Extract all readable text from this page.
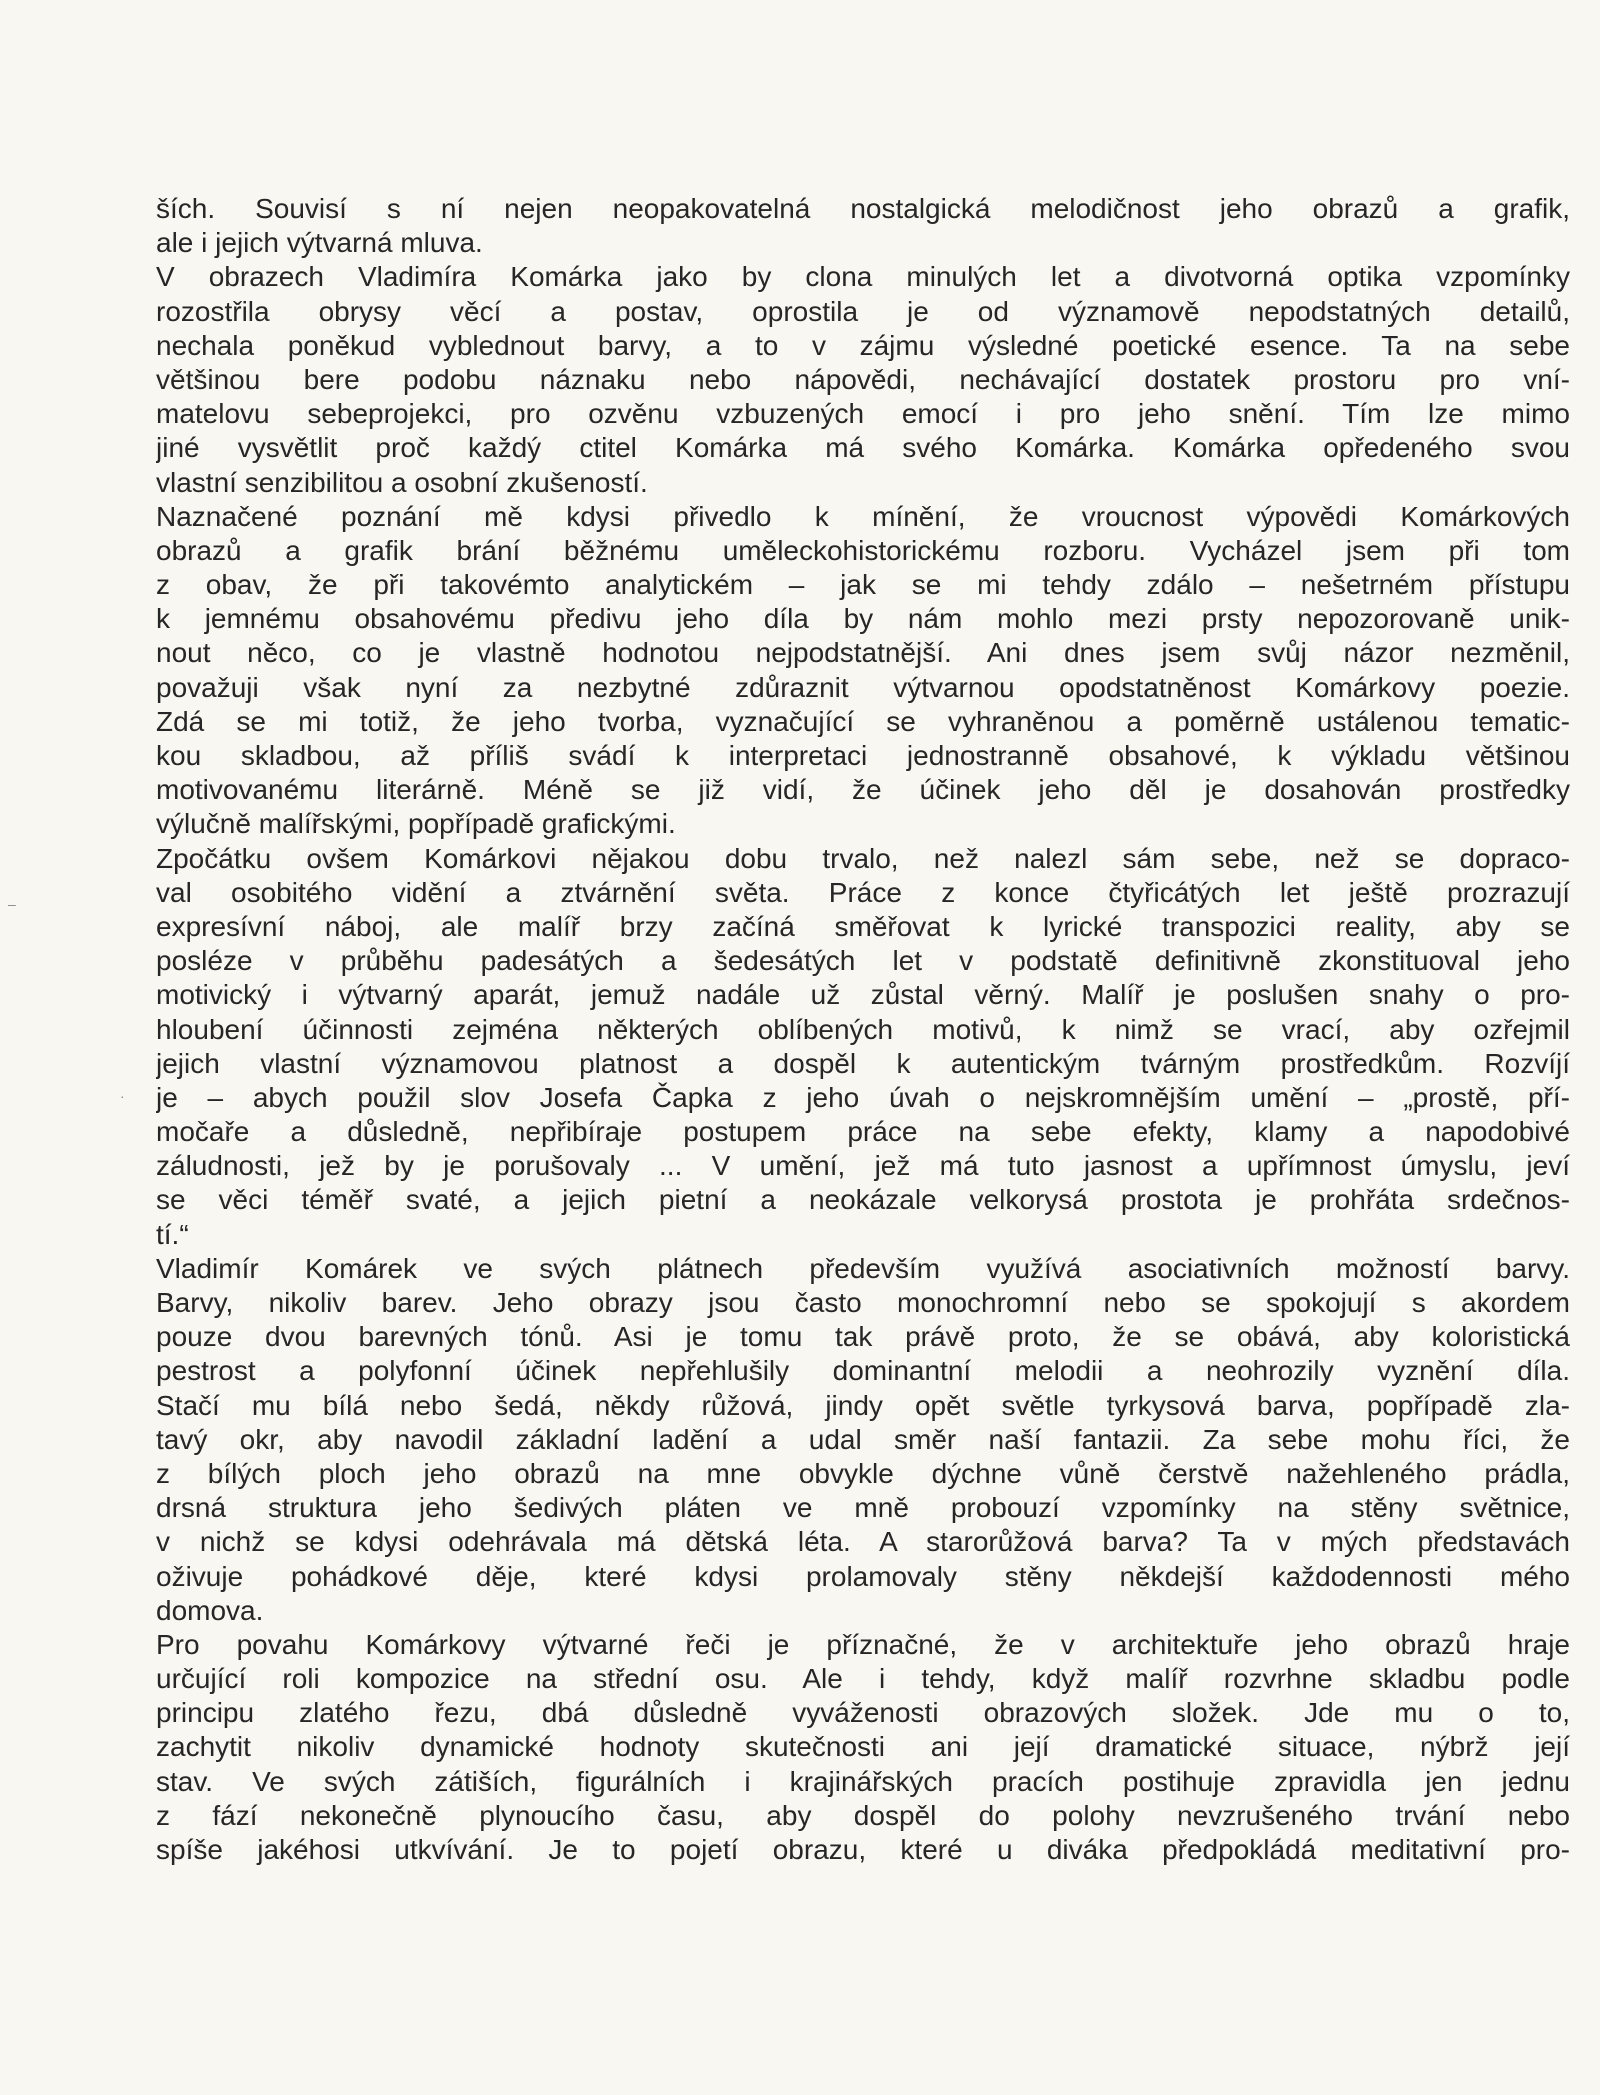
ších. Souvisí s ní nejen neopakovatelná nostalgická melodičnost jeho obrazů a grafik,
ale i jejich výtvarná mluva.
V obrazech Vladimíra Komárka jako by clona minulých let a divotvorná optika vzpomínky
rozostřila obrysy věcí a postav, oprostila je od významově nepodstatných detailů,
nechala poněkud vyblednout barvy, a to v zájmu výsledné poetické esence. Ta na sebe
většinou bere podobu náznaku nebo nápovědi, nechávající dostatek prostoru pro vní-
matelovu sebeprojekci, pro ozvěnu vzbuzených emocí i pro jeho snění. Tím lze mimo
jiné vysvětlit proč každý ctitel Komárka má svého Komárka. Komárka opředeného svou
vlastní senzibilitou a osobní zkušeností.
Naznačené poznání mě kdysi přivedlo k mínění, že vroucnost výpovědi Komárkových
obrazů a grafik brání běžnému uměleckohistorickému rozboru. Vycházel jsem při tom
z obav, že při takovémto analytickém – jak se mi tehdy zdálo – nešetrném přístupu
k jemnému obsahovému předivu jeho díla by nám mohlo mezi prsty nepozorovaně unik-
nout něco, co je vlastně hodnotou nejpodstatnější. Ani dnes jsem svůj názor nezměnil,
považuji však nyní za nezbytné zdůraznit výtvarnou opodstatněnost Komárkovy poezie.
Zdá se mi totiž, že jeho tvorba, vyznačující se vyhraněnou a poměrně ustálenou tematic-
kou skladbou, až příliš svádí k interpretaci jednostranně obsahové, k výkladu většinou
motivovanému literárně. Méně se již vidí, že účinek jeho děl je dosahován prostředky
výlučně malířskými, popřípadě grafickými.
Zpočátku ovšem Komárkovi nějakou dobu trvalo, než nalezl sám sebe, než se dopraco-
val osobitého vidění a ztvárnění světa. Práce z konce čtyřicátých let ještě prozrazují
expresívní náboj, ale malíř brzy začíná směřovat k lyrické transpozici reality, aby se
posléze v průběhu padesátých a šedesátých let v podstatě definitivně zkonstituoval jeho
motivický i výtvarný aparát, jemuž nadále už zůstal věrný. Malíř je poslušen snahy o pro-
hloubení účinnosti zejména některých oblíbených motivů, k nimž se vrací, aby ozřejmil
jejich vlastní významovou platnost a dospěl k autentickým tvárným prostředkům. Rozvíjí
je – abych použil slov Josefa Čapka z jeho úvah o nejskromnějším umění – „prostě, pří-
močaře a důsledně, nepřibíraje postupem práce na sebe efekty, klamy a napodobivé
záludnosti, jež by je porušovaly ... V umění, jež má tuto jasnost a upřímnost úmyslu, jeví
se věci téměř svaté, a jejich pietní a neokázale velkorysá prostota je prohřáta srdečnos-
tí.“
Vladimír Komárek ve svých plátnech především využívá asociativních možností barvy.
Barvy, nikoliv barev. Jeho obrazy jsou často monochromní nebo se spokojují s akordem
pouze dvou barevných tónů. Asi je tomu tak právě proto, že se obává, aby koloristická
pestrost a polyfonní účinek nepřehlušily dominantní melodii a neohrozily vyznění díla.
Stačí mu bílá nebo šedá, někdy růžová, jindy opět světle tyrkysová barva, popřípadě zla-
tavý okr, aby navodil základní ladění a udal směr naší fantazii. Za sebe mohu říci, že
z bílých ploch jeho obrazů na mne obvykle dýchne vůně čerstvě nažehleného prádla,
drsná struktura jeho šedivých pláten ve mně probouzí vzpomínky na stěny světnice,
v nichž se kdysi odehrávala má dětská léta. A starorůžová barva? Ta v mých představách
oživuje pohádkové děje, které kdysi prolamovaly stěny někdejší každodennosti mého
domova.
Pro povahu Komárkovy výtvarné řeči je příznačné, že v architektuře jeho obrazů hraje
určující roli kompozice na střední osu. Ale i tehdy, když malíř rozvrhne skladbu podle
principu zlatého řezu, dbá důsledně vyváženosti obrazových složek. Jde mu o to,
zachytit nikoliv dynamické hodnoty skutečnosti ani její dramatické situace, nýbrž její
stav. Ve svých zátiších, figurálních i krajinářských pracích postihuje zpravidla jen jednu
z fází nekonečně plynoucího času, aby dospěl do polohy nevzrušeného trvání nebo
spíše jakéhosi utkvívání. Je to pojetí obrazu, které u diváka předpokládá meditativní pro-
–
·
